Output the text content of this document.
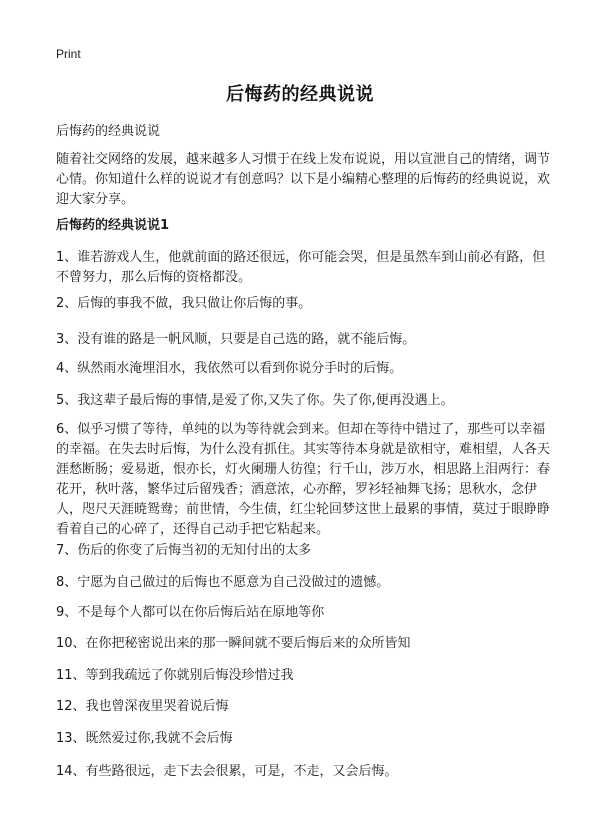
Print
后悔药的经典说说
后悔药的经典说说
随着社交网络的发展，越来越多人习惯于在线上发布说说，用以宣泄自己的情绪，调节心情。你知道什么样的说说才有创意吗？以下是小编精心整理的后悔药的经典说说，欢迎大家分享。
后悔药的经典说说1
1、谁若游戏人生，他就前面的路还很远，你可能会哭，但是虽然车到山前必有路，但不曾努力，那么后悔的资格都没。
2、后悔的事我不做，我只做让你后悔的事。
3、没有谁的路是一帆风顺，只要是自己选的路，就不能后悔。
4、纵然雨水淹埋泪水，我依然可以看到你说分手时的后悔。
5、我这辈子最后悔的事情,是爱了你,又失了你。失了你,便再没遇上。
6、似乎习惯了等待，单纯的以为等待就会到来。但却在等待中错过了，那些可以幸福的幸福。在失去时后悔，为什么没有抓住。其实等待本身就是欲相守，难相望，人各天涯愁断肠；爱易逝，恨亦长，灯火阑珊人彷徨；行千山，涉万水，相思路上泪两行：春花开，秋叶落，繁华过后留残香；酒意浓，心亦醉，罗衫轻袖舞飞扬；思秋水，念伊人，咫尺天涯暁鸳鸯；前世情，今生债，红尘轮回梦这世上最累的事情，莫过于眼睁睁看着自己的心碎了，还得自己动手把它粘起来。
7、伤后的你变了后悔当初的无知付出的太多
8、宁愿为自己做过的后悔也不愿意为自己没做过的遗憾。
9、不是每个人都可以在你后悔后站在原地等你
10、在你把秘密说出来的那一瞬间就不要后悔后来的众所皆知
11、等到我疏远了你就别后悔没珍惜过我
12、我也曾深夜里哭着说后悔
13、既然爱过你,我就不会后悔
14、有些路很远，走下去会很累，可是，不走，又会后悔。
